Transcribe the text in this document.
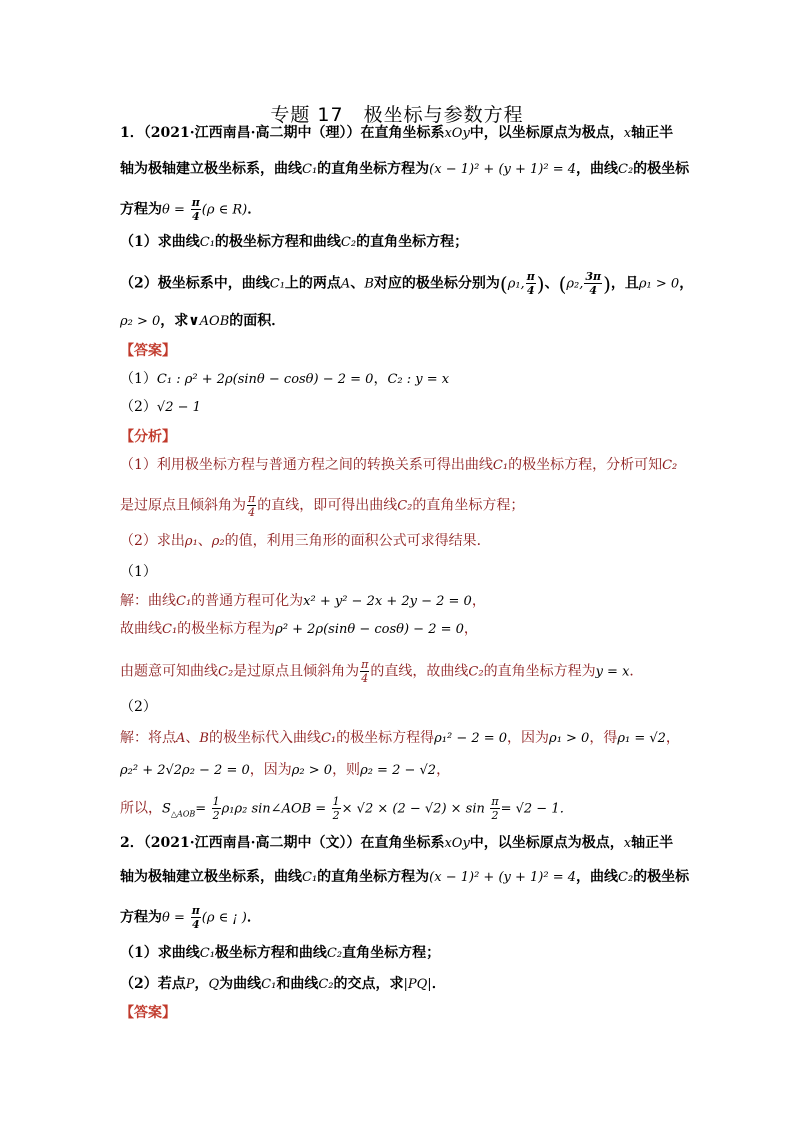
专题 17　极坐标与参数方程
1．（2021·江西南昌·高二期中（理））在直角坐标系xOy中，以坐标原点为极点，x轴正半
轴为极轴建立极坐标系，曲线C₁的直角坐标方程为(x − 1)² + (y + 1)² = 4，曲线C₂的极坐标
方程为$\theta = \frac{\pi}{4} (\rho$ ∈ R)．
（1）求曲线C₁的极坐标方程和曲线C₂的直角坐标方程；
（2）极坐标系中，曲线C₁上的两点A、B对应的极坐标分别为(ρ₁, $\frac{\pi}{4}$ )、(ρ₂, $\frac{3\pi}{4}$ )，且ρ₁ > 0，
ρ₂ > 0，求∨AOB的面积．
【答案】
（1）C₁ : ρ² + 2ρ(sinθ − cosθ) − 2 = 0，C₂ : y = x
（2）√2 − 1
【分析】
（1）利用极坐标方程与普通方程之间的转换关系可得出曲线C₁的极坐标方程，分析可知C₂
是过原点且倾斜角为 $\frac{\pi}{4}$ 的直线，即可得出曲线C₂的直角坐标方程；
（2）求出ρ₁、ρ₂的值，利用三角形的面积公式可求得结果．
（1）
解：曲线C₁的普通方程可化为x² + y² − 2x + 2y − 2 = 0，
故曲线C₁的极坐标方程为ρ² + 2ρ(sinθ − cosθ) − 2 = 0，
由题意可知曲线C₂是过原点且倾斜角为 $\frac{\pi}{4}$ 的直线，故曲线C₂的直角坐标方程为y = x．
（2）
解：将点A、B的极坐标代入曲线C₁的极坐标方程得ρ₁² − 2 = 0，因为ρ₁ > 0，得ρ₁ = √2，
ρ₂² + 2√2ρ₂ − 2 = 0，因为ρ₂ > 0，则ρ₂ = 2 − √2，
所以，$S_{\triangle AOB}= \frac{1}{2} \rho_1\rho_2$ sin∠AOB = $\frac{1}{2} \times √2 \times (2 - √2) \times \sin \frac{\pi}{2} = √2 - 1$．
2．（2021·江西南昌·高二期中（文））在直角坐标系xOy中，以坐标原点为极点，x轴正半
轴为极轴建立极坐标系，曲线C₁的直角坐标方程为(x − 1)² + (y + 1)² = 4，曲线C₂的极坐标
方程为$\theta = \frac{\pi}{4} (\rho$ ∈ ¡ )．
（1）求曲线C₁极坐标方程和曲线C₂直角坐标方程；
（2）若点P，Q为曲线C₁和曲线C₂的交点，求|PQ|．
【答案】
